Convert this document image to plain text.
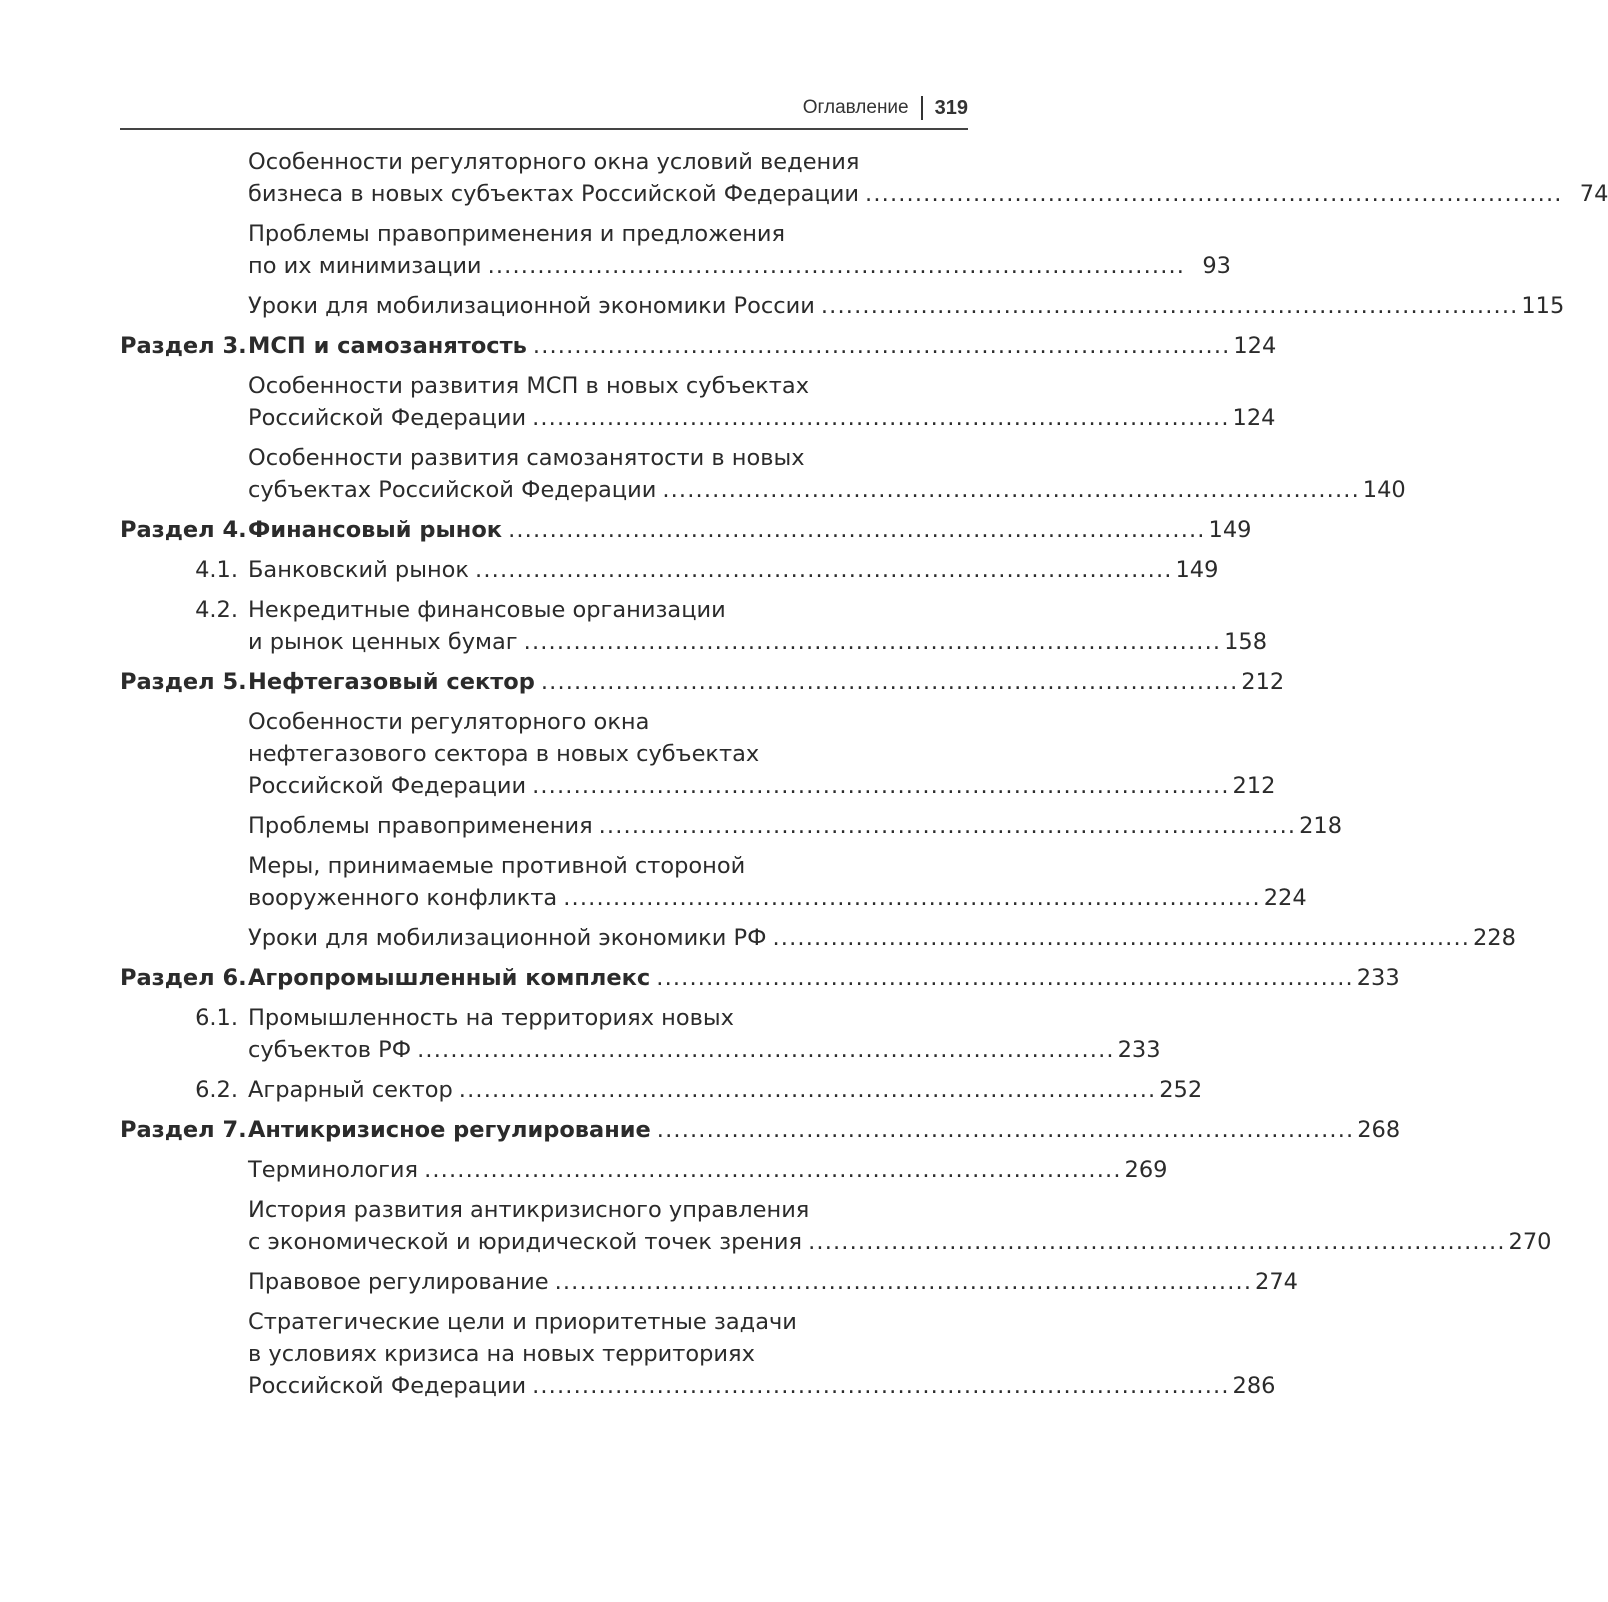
Оглавление 319
Особенности регуляторного окна условий ведения
бизнеса в новых субъектах Российской Федерации . . .	74
Проблемы правоприменения и предложения
по их минимизации . . .	93
Уроки для мобилизационной экономики России . . .	115
Раздел 3. МСП и самозанятость . . .	124
Особенности развития МСП в новых субъектах
Российской Федерации . . .	124
Особенности развития самозанятости в новых
субъектах Российской Федерации . . .	140
Раздел 4. Финансовый рынок . . .	149
4.1. Банковский рынок . . .	149
4.2. Некредитные финансовые организации
и рынок ценных бумаг . . .	158
Раздел 5. Нефтегазовый сектор . . .	212
Особенности регуляторного окна
нефтегазового сектора в новых субъектах
Российской Федерации . . .	212
Проблемы правоприменения . . .	218
Меры, принимаемые противной стороной
вооруженного конфликта . . .	224
Уроки для мобилизационной экономики РФ . . .	228
Раздел 6. Агропромышленный комплекс . . .	233
6.1. Промышленность на территориях новых
субъектов РФ . . .	233
6.2. Аграрный сектор . . .	252
Раздел 7. Антикризисное регулирование . . .	268
Терминология . . .	269
История развития антикризисного управления
с экономической и юридической точек зрения . . .	270
Правовое регулирование . . .	274
Стратегические цели и приоритетные задачи
в условиях кризиса на новых территориях
Российской Федерации . . .	286
